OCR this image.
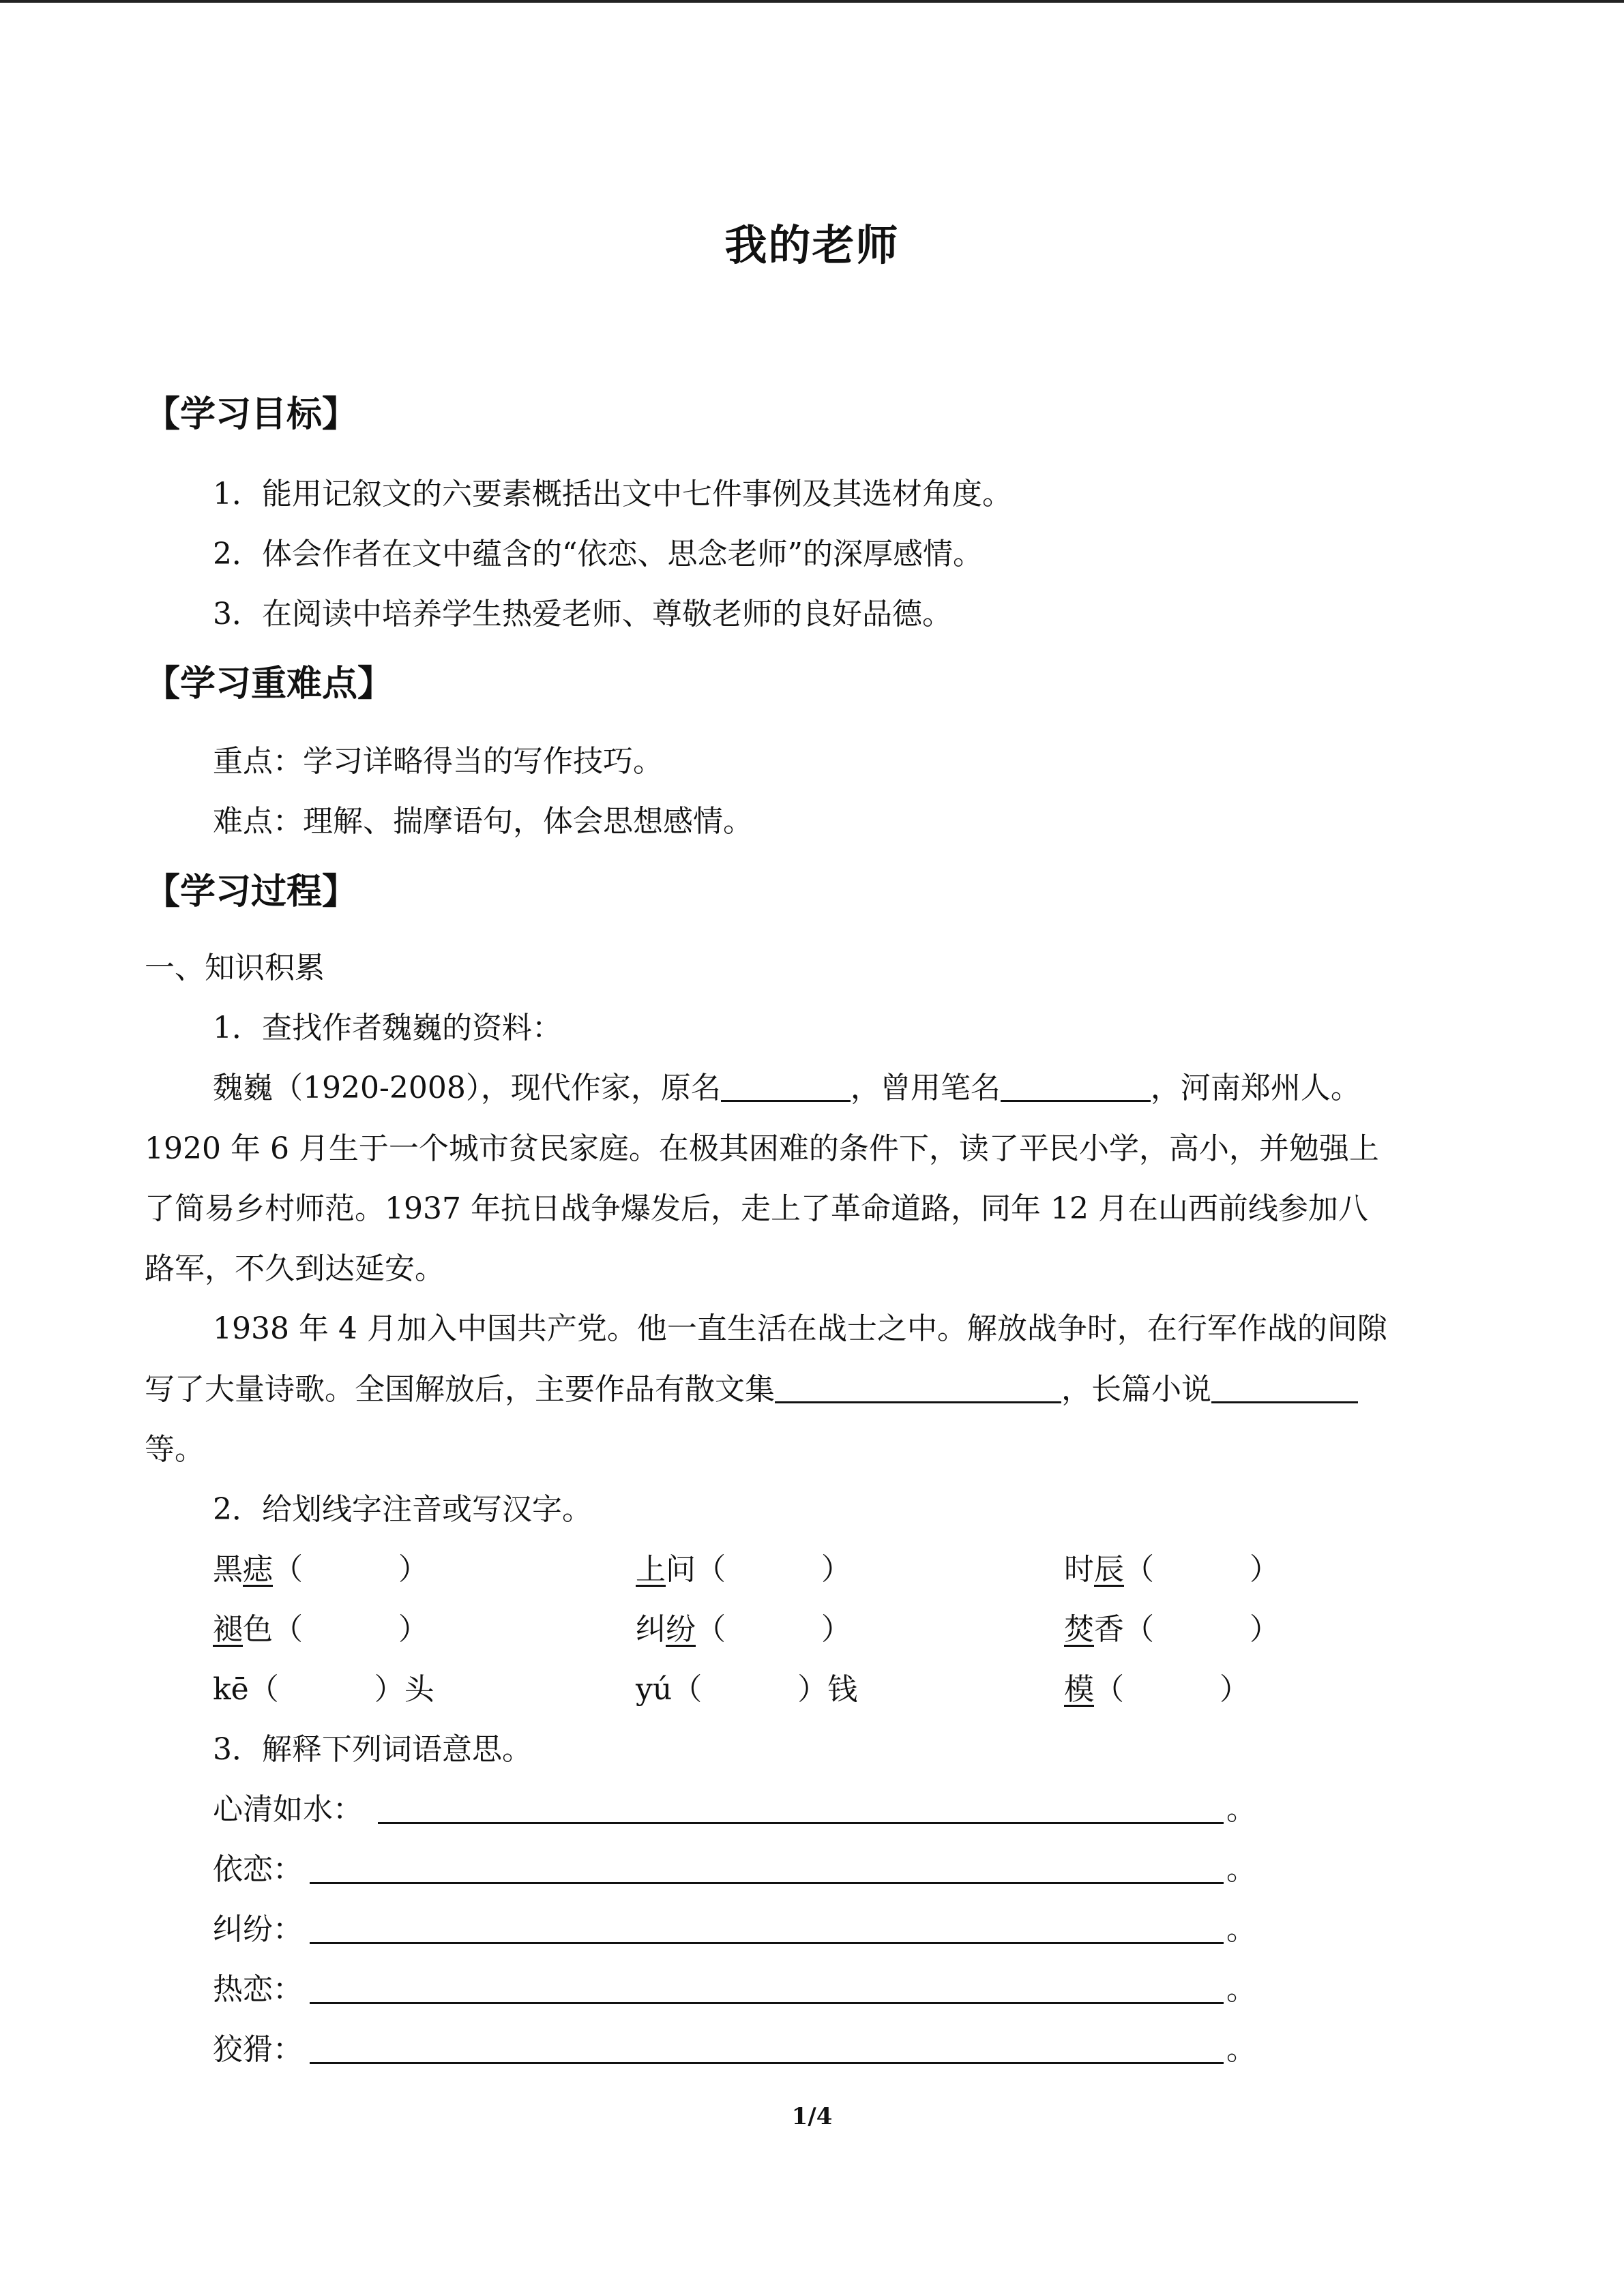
我的老师
【学习目标】
1．能用记叙文的六要素概括出文中七件事例及其选材角度。
2．体会作者在文中蕴含的“依恋、思念老师”的深厚感情。
3．在阅读中培养学生热爱老师、尊敬老师的良好品德。
【学习重难点】
重点：学习详略得当的写作技巧。
难点：理解、揣摩语句，体会思想感情。
【学习过程】
一、知识积累
1．查找作者魏巍的资料：
魏巍（1920-2008），现代作家，原名	，曾用笔名	，河南郑州人。
1920 年 6 月生于一个城市贫民家庭。在极其困难的条件下，读了平民小学，高小，并勉强上
了简易乡村师范。1937 年抗日战争爆发后，走上了革命道路，同年 12 月在山西前线参加八
路军，不久到达延安。
1938 年 4 月加入中国共产党。他一直生活在战士之中。解放战争时，在行军作战的间隙
写了大量诗歌。全国解放后，主要作品有散文集	，长篇小说
等。
2．给划线字注音或写汉字。
黑痣（	）	上问（	）	时辰（	）
褪色（	）	纠纷（	）	焚香（	）
kē（	）头	yú（	）钱	模（	）
3．解释下列词语意思。
心清如水：	。
依恋：	。
纠纷：	。
热恋：	。
狡猾：	。
1/4
